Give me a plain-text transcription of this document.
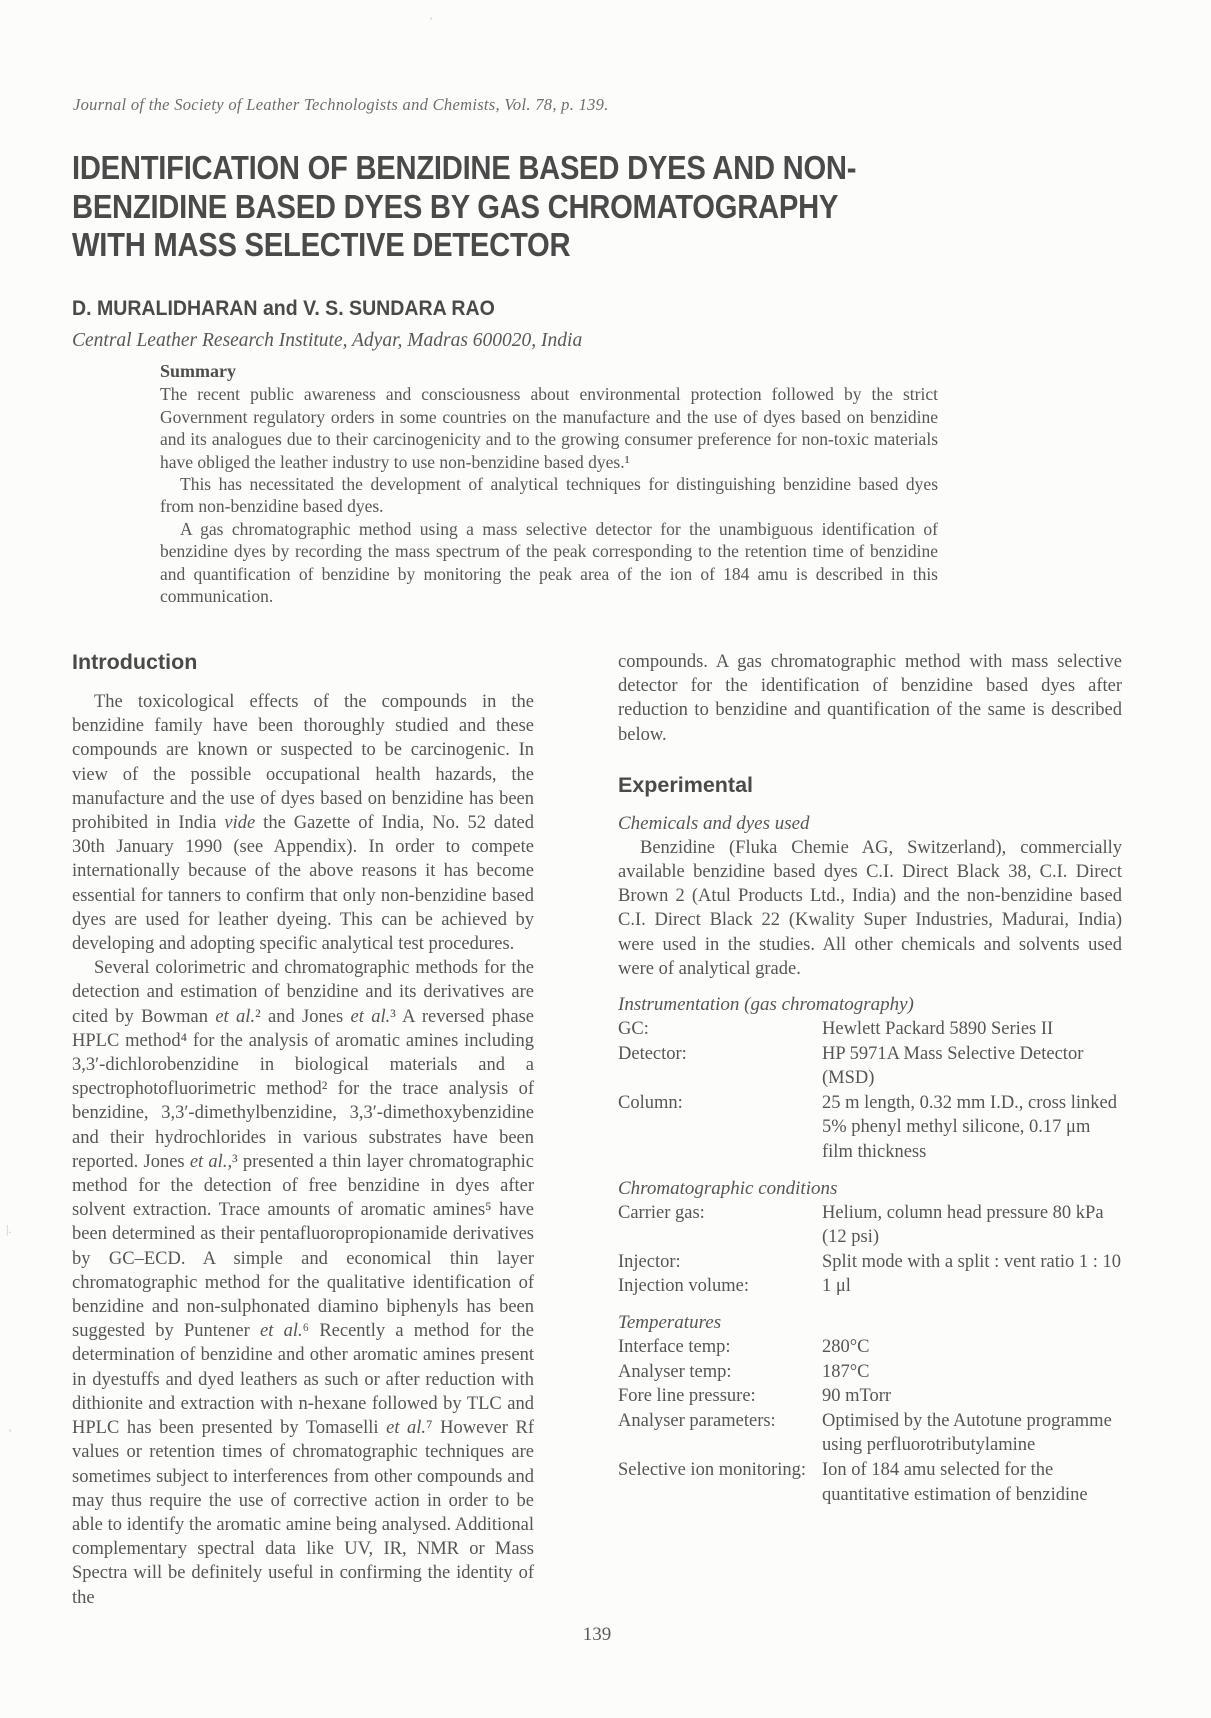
Journal of the Society of Leather Technologists and Chemists, Vol. 78, p. 139.
IDENTIFICATION OF BENZIDINE BASED DYES AND NON-
BENZIDINE BASED DYES BY GAS CHROMATOGRAPHY
WITH MASS SELECTIVE DETECTOR
D. MURALIDHARAN and V. S. SUNDARA RAO
Central Leather Research Institute, Adyar, Madras 600020, India
Summary

The recent public awareness and consciousness about environmental protection followed by the strict Government regulatory orders in some countries on the manufacture and the use of dyes based on benzidine and its analogues due to their carcinogenicity and to the growing consumer preference for non-toxic materials have obliged the leather industry to use non-benzidine based dyes.¹

This has necessitated the development of analytical techniques for distinguishing benzidine based dyes from non-benzidine based dyes.

A gas chromatographic method using a mass selective detector for the unambiguous identification of benzidine dyes by recording the mass spectrum of the peak corresponding to the retention time of benzidine and quantification of benzidine by monitoring the peak area of the ion of 184 amu is described in this communication.

Introduction

The toxicological effects of the compounds in the benzidine family have been thoroughly studied and these compounds are known or suspected to be carcinogenic. In view of the possible occupational health hazards, the manufacture and the use of dyes based on benzidine has been prohibited in India vide the Gazette of India, No. 52 dated 30th January 1990 (see Appendix). In order to compete internationally because of the above reasons it has become essential for tanners to confirm that only non-benzidine based dyes are used for leather dyeing. This can be achieved by developing and adopting specific analytical test procedures.

Several colorimetric and chromatographic methods for the detection and estimation of benzidine and its derivatives are cited by Bowman et al.² and Jones et al.³ A reversed phase HPLC method⁴ for the analysis of aromatic amines including 3,3′-dichlorobenzidine in biological materials and a spectrophotofluorimetric method² for the trace analysis of benzidine, 3,3′-dimethylbenzidine, 3,3′-dimethoxybenzidine and their hydrochlorides in various substrates have been reported. Jones et al.,³ presented a thin layer chromatographic method for the detection of free benzidine in dyes after solvent extraction. Trace amounts of aromatic amines⁵ have been determined as their pentafluoropropionamide derivatives by GC–ECD. A simple and economical thin layer chromatographic method for the qualitative identification of benzidine and non-sulphonated diamino biphenyls has been suggested by Puntener et al.⁶ Recently a method for the determination of benzidine and other aromatic amines present in dyestuffs and dyed leathers as such or after reduction with dithionite and extraction with n-hexane followed by TLC and HPLC has been presented by Tomaselli et al.⁷ However Rf values or retention times of chromatographic techniques are sometimes subject to interferences from other compounds and may thus require the use of corrective action in order to be able to identify the aromatic amine being analysed. Additional complementary spectral data like UV, IR, NMR or Mass Spectra will be definitely useful in confirming the identity of the

compounds. A gas chromatographic method with mass selective detector for the identification of benzidine based dyes after reduction to benzidine and quantification of the same is described below.

Experimental
Chemicals and dyes used

Benzidine (Fluka Chemie AG, Switzerland), commercially available benzidine based dyes C.I. Direct Black 38, C.I. Direct Brown 2 (Atul Products Ltd., India) and the non-benzidine based C.I. Direct Black 22 (Kwality Super Industries, Madurai, India) were used in the studies. All other chemicals and solvents used were of analytical grade.

Instrumentation (gas chromatography)
GC:	Hewlett Packard 5890 Series II
Detector:	HP 5971A Mass Selective Detector (MSD)
Column:	25 m length, 0.32 mm I.D., cross linked 5% phenyl methyl silicone, 0.17 μm film thickness
Chromatographic conditions
Carrier gas:	Helium, column head pressure 80 kPa (12 psi)
Injector:	Split mode with a split : vent ratio 1 : 10
Injection volume:	1 μl
Temperatures
Interface temp:	280°C
Analyser temp:	187°C
Fore line pressure:	90 mTorr
Analyser parameters:	Optimised by the Autotune programme using perfluorotributylamine
Selective ion monitoring: Ion of 184 amu selected for the quantitative estimation of benzidine
139
|.
'
'
